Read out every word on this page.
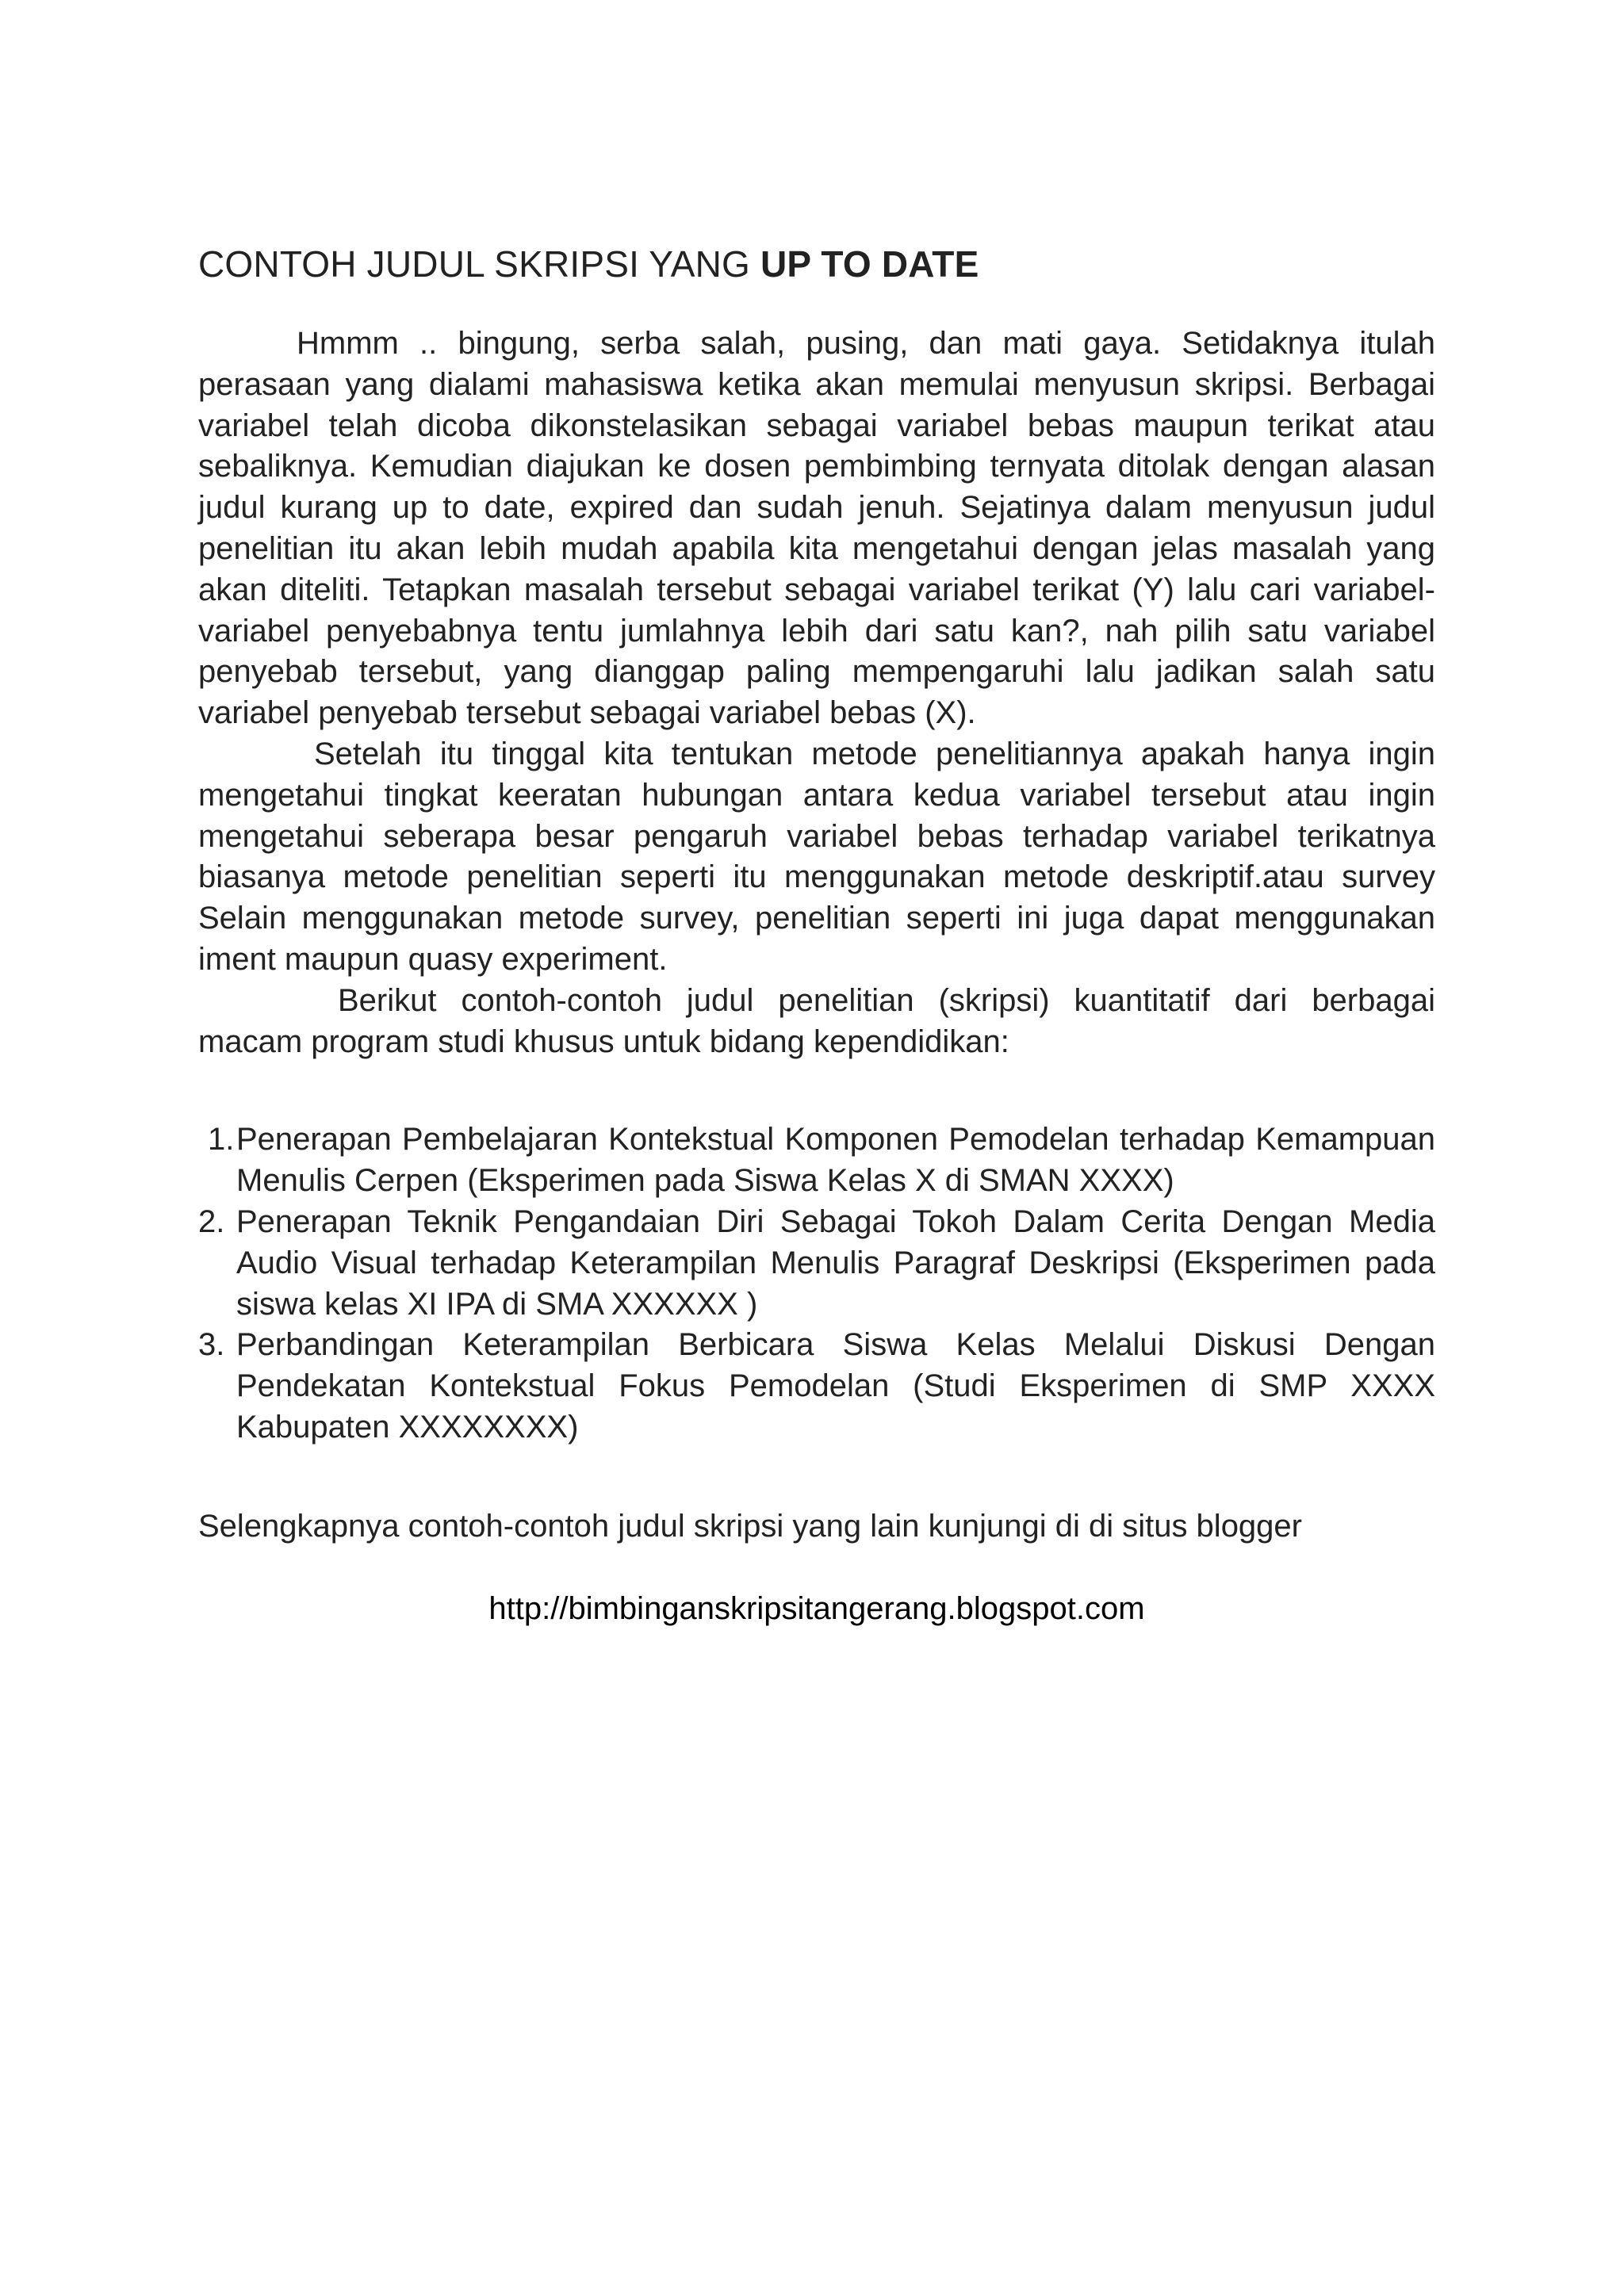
CONTOH JUDUL SKRIPSI YANG UP TO DATE

Hmmm .. bingung, serba salah, pusing, dan mati gaya. Setidaknya itulah perasaan yang dialami mahasiswa ketika akan memulai menyusun skripsi. Berbagai variabel telah dicoba dikonstelasikan sebagai variabel bebas maupun terikat atau sebaliknya. Kemudian diajukan ke dosen pembimbing ternyata ditolak dengan alasan judul kurang up to date, expired dan sudah jenuh. Sejatinya dalam menyusun judul penelitian itu akan lebih mudah apabila kita mengetahui dengan jelas masalah yang akan diteliti. Tetapkan masalah tersebut sebagai variabel terikat (Y) lalu cari variabel-variabel penyebabnya tentu jumlahnya lebih dari satu kan?, nah pilih satu variabel penyebab tersebut, yang dianggap paling mempengaruhi lalu jadikan salah satu variabel penyebab tersebut sebagai variabel bebas (X).

Setelah itu tinggal kita tentukan metode penelitiannya apakah hanya ingin mengetahui tingkat keeratan hubungan antara kedua variabel tersebut atau ingin mengetahui seberapa besar pengaruh variabel bebas terhadap variabel terikatnya biasanya metode penelitian seperti itu menggunakan metode deskriptif.atau survey Selain menggunakan metode survey, penelitian seperti ini juga dapat menggunakan iment maupun quasy experiment.

Berikut contoh-contoh judul penelitian (skripsi) kuantitatif dari berbagai macam program studi khusus untuk bidang kependidikan:

1. Penerapan Pembelajaran Kontekstual Komponen Pemodelan terhadap Kemampuan Menulis Cerpen (Eksperimen pada Siswa Kelas X di SMAN XXXX)
2. Penerapan Teknik Pengandaian Diri Sebagai Tokoh Dalam Cerita Dengan Media Audio Visual terhadap Keterampilan Menulis Paragraf Deskripsi (Eksperimen pada siswa kelas XI IPA di SMA XXXXXX )
3. Perbandingan Keterampilan Berbicara Siswa Kelas Melalui Diskusi Dengan Pendekatan Kontekstual Fokus Pemodelan (Studi Eksperimen di SMP XXXX Kabupaten XXXXXXXX)

Selengkapnya contoh-contoh judul skripsi yang lain kunjungi di di situs blogger

http://bimbinganskripsitangerang.blogspot.com
